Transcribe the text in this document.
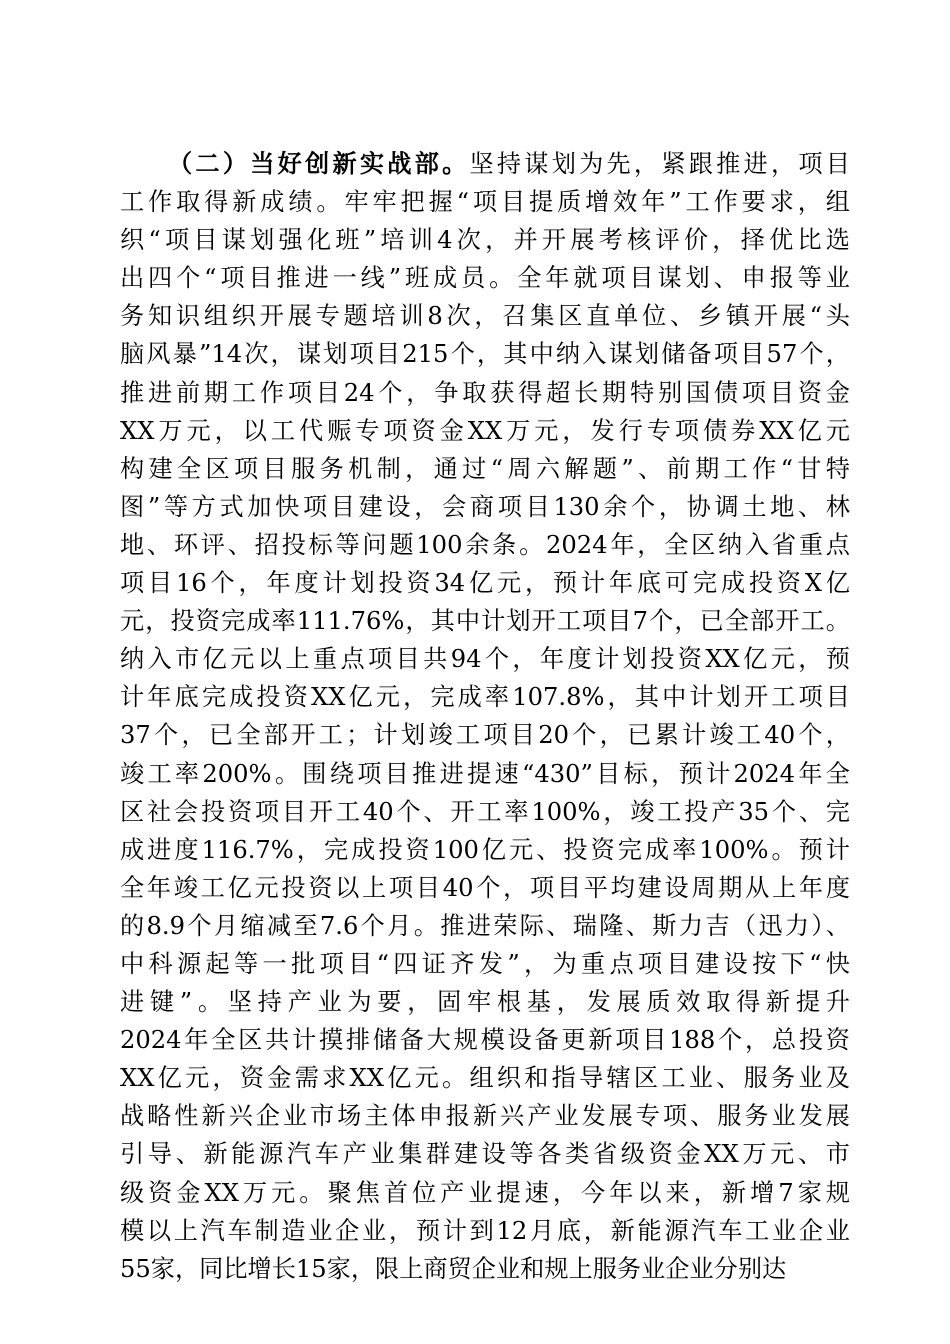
（二）当好创新实战部。坚持谋划为先，紧跟推进，项目
工作取得新成绩。牢牢把握“项目提质增效年”工作要求，组
织“项目谋划强化班”培训4次，并开展考核评价，择优比选
出四个“项目推进一线”班成员。全年就项目谋划、申报等业
务知识组织开展专题培训8次，召集区直单位、乡镇开展“头
脑风暴”14次，谋划项目215个，其中纳入谋划储备项目57个，
推进前期工作项目24个，争取获得超长期特别国债项目资金
XX万元，以工代赈专项资金XX万元，发行专项债券XX亿元
构建全区项目服务机制，通过“周六解题”、前期工作“甘特
图”等方式加快项目建设，会商项目130余个，协调土地、林
地、环评、招投标等问题100余条。2024年，全区纳入省重点
项目16个，年度计划投资34亿元，预计年底可完成投资X亿
元，投资完成率111.76%，其中计划开工项目7个，已全部开工。
纳入市亿元以上重点项目共94个，年度计划投资XX亿元，预
计年底完成投资XX亿元，完成率107.8%，其中计划开工项目
37个，已全部开工；计划竣工项目20个，已累计竣工40个，
竣工率200%。围绕项目推进提速“430”目标，预计2024年全
区社会投资项目开工40个、开工率100%，竣工投产35个、完
成进度116.7%，完成投资100亿元、投资完成率100%。预计
全年竣工亿元投资以上项目40个，项目平均建设周期从上年度
的8.9个月缩减至7.6个月。推进荣际、瑞隆、斯力吉（迅力）、
中科源起等一批项目“四证齐发”，为重点项目建设按下“快
进键”。坚持产业为要，固牢根基，发展质效取得新提升
2024年全区共计摸排储备大规模设备更新项目188个，总投资
XX亿元，资金需求XX亿元。组织和指导辖区工业、服务业及
战略性新兴企业市场主体申报新兴产业发展专项、服务业发展
引导、新能源汽车产业集群建设等各类省级资金XX万元、市
级资金XX万元。聚焦首位产业提速，今年以来，新增7家规
模以上汽车制造业企业，预计到12月底，新能源汽车工业企业
55家，同比增长15家，限上商贸企业和规上服务业企业分别达
